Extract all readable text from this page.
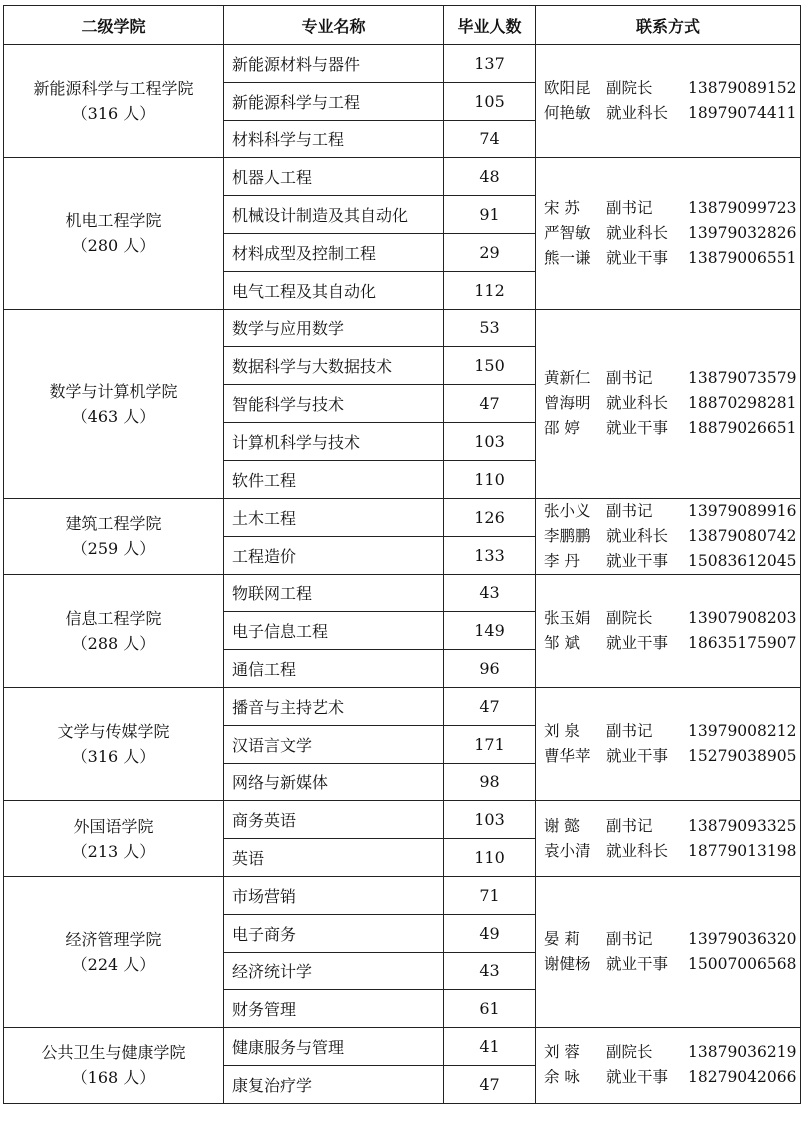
二级学院	专业名称	毕业人数	联系方式

新能源科学与工程学院
（316 人）	新能源材料与器件	137	欧阳昆 副院长 13879089152
何艳敏 就业科长 18979074411

	新能源科学与工程	105	
	材料科学与工程	74	

机电工程学院
（280 人）	机器人工程	48	宋 苏 副书记 13879099723
严智敏 就业科长 13979032826
熊一谦 就业干事 13879006551

	机械设计制造及其自动化	91	
	材料成型及控制工程	29	
	电气工程及其自动化	112	

数学与计算机学院
（463 人）	数学与应用数学	53	黄新仁 副书记 13879073579
曾海明 就业科长 18870298281
邵 婷 就业干事 18879026651

	数据科学与大数据技术	150	
	智能科学与技术	47	
	计算机科学与技术	103	
	软件工程	110	

建筑工程学院
（259 人）	土木工程	126	张小义 副书记 13979089916
李鹏鹏 就业科长 13879080742
李 丹 就业干事 15083612045

	工程造价	133	

信息工程学院
（288 人）	物联网工程	43	张玉娟 副院长 13907908203
邹 斌 就业干事 18635175907

	电子信息工程	149	
	通信工程	96	

文学与传媒学院
（316 人）	播音与主持艺术	47	刘 泉 副书记 13979008212
曹华苹 就业干事 15279038905

	汉语言文学	171	
	网络与新媒体	98	

外国语学院
（213 人）	商务英语	103	谢 懿 副书记 13879093325
袁小清 就业科长 18779013198

	英语	110	

经济管理学院
（224 人）	市场营销	71	晏 莉 副书记 13979036320
谢健杨 就业干事 15007006568

	电子商务	49	
	经济统计学	43	
	财务管理	61	

公共卫生与健康学院
（168 人）	健康服务与管理	41	刘 蓉 副院长 13879036219
余 咏 就业干事 18279042066

	康复治疗学	47	
